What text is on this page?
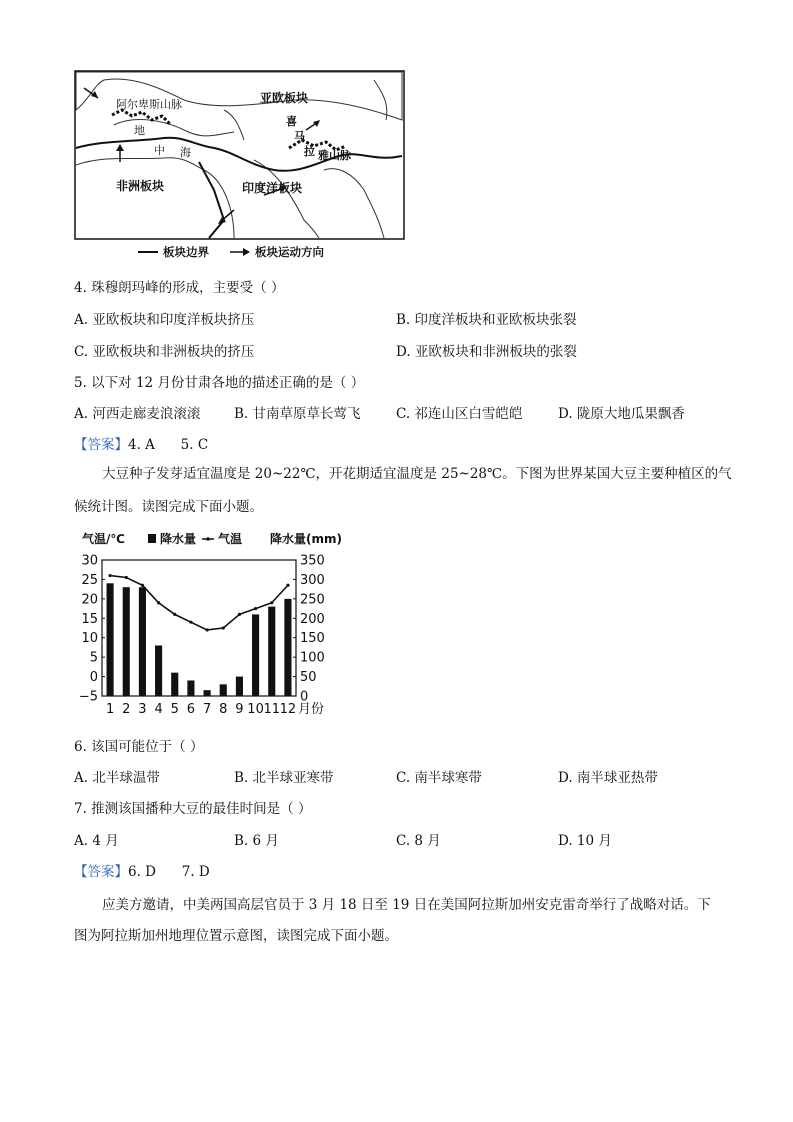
阿尔卑斯山脉
地
中 海
亚欧板块
喜
马
拉 雅山脉
非洲板块	印度洋板块
板块边界	板块运动方向
4. 珠穆朗玛峰的形成，主要受（ ）
A. 亚欧板块和印度洋板块挤压	B. 印度洋板块和亚欧板块张裂
C. 亚欧板块和非洲板块的挤压	D. 亚欧板块和非洲板块的张裂
5. 以下对 12 月份甘肃各地的描述正确的是（ ）
A. 河西走廊麦浪滚滚 B. 甘南草原草长莺飞	C. 祁连山区白雪皑皑	D. 陇原大地瓜果飘香
【答案】4. A      5. C
大豆种子发芽适宜温度是 20~22℃，开花期适宜温度是 25~28℃。下图为世界某国大豆主要种植区的气
候统计图。读图完成下面小题。
气温/℃	降水量 气温 降水量(mm)
30
25
20
15
10
5
0
−5
350
300
250
200
150
100
50
0
1 2 3 4 5 6 7 8 9 10 11 12 月份
6. 该国可能位于（ ）
A. 北半球温带	B. 北半球亚寒带	C. 南半球寒带	D. 南半球亚热带
7. 推测该国播种大豆的最佳时间是（ ）
A. 4 月	B. 6 月	C. 8 月	D. 10 月
【答案】6. D      7. D
应美方邀请，中美两国高层官员于 3 月 18 日至 19 日在美国阿拉斯加州安克雷奇举行了战略对话。下
图为阿拉斯加州地理位置示意图，读图完成下面小题。
